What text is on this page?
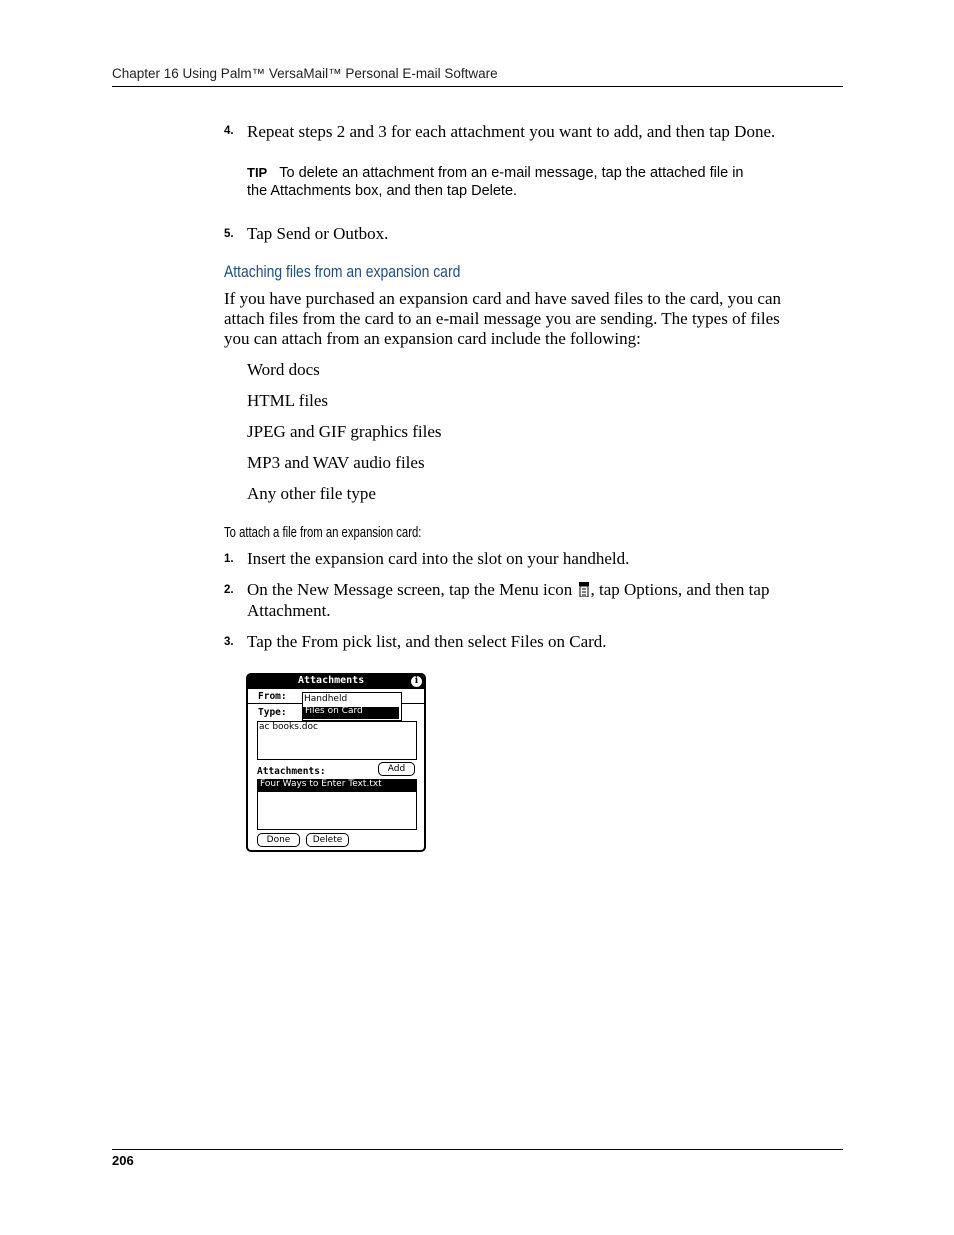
Chapter 16 Using Palm™ VersaMail™ Personal E-mail Software
4. Repeat steps 2 and 3 for each attachment you want to add, and then tap Done.
TIP To delete an attachment from an e-mail message, tap the attached file in
the Attachments box, and then tap Delete.
5. Tap Send or Outbox.
Attaching files from an expansion card
If you have purchased an expansion card and have saved files to the card, you can
attach files from the card to an e-mail message you are sending. The types of files
you can attach from an expansion card include the following:
Word docs
HTML files
JPEG and GIF graphics files
MP3 and WAV audio files
Any other file type
To attach a file from an expansion card:
1. Insert the expansion card into the slot on your handheld.
2. On the New Message screen, tap the Menu icon , tap Options, and then tap
Attachment.
3. Tap the From pick list, and then select Files on Card.
Attachments	i
From:
Type:
ac books.doc
Handheld
Files on Card
Attachments:	Add
Four Ways to Enter Text.txt
Done	Delete
206
